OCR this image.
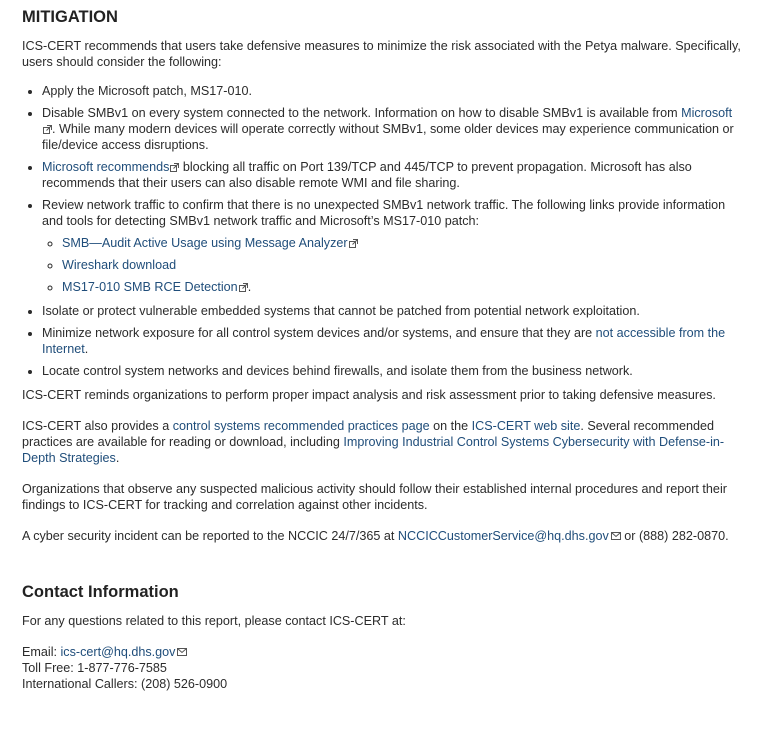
MITIGATION

ICS-CERT recommends that users take defensive measures to minimize the risk associated with the Petya malware. Specifically, users should consider the following:

• Apply the Microsoft patch, MS17-010.
• Disable SMBv1 on every system connected to the network. Information on how to disable SMBv1 is available from Microsoft
. While many modern devices will operate correctly without SMBv1, some older devices may experience communication or file/device access disruptions.
• Microsoft recommends
blocking all traffic on Port 139/TCP and 445/TCP to prevent propagation. Microsoft has also recommends that their users can also disable remote WMI and file sharing.
• Review network traffic to confirm that there is no unexpected SMBv1 network traffic. The following links provide information and tools for detecting SMBv1 network traffic and Microsoft’s MS17-010 patch:
◦ SMB—Audit Active Usage using Message Analyzer
◦ Wireshark download
◦ MS17-010 SMB RCE Detection .
• Isolate or protect vulnerable embedded systems that cannot be patched from potential network exploitation.
• Minimize network exposure for all control system devices and/or systems, and ensure that they are not accessible from the Internet.
• Locate control system networks and devices behind firewalls, and isolate them from the business network.

ICS-CERT reminds organizations to perform proper impact analysis and risk assessment prior to taking defensive measures.

ICS-CERT also provides a control systems recommended practices page on the ICS-CERT web site. Several recommended practices are available for reading or download, including Improving Industrial Control Systems Cybersecurity with Defense-in-Depth Strategies.

Organizations that observe any suspected malicious activity should follow their established internal procedures and report their findings to ICS-CERT for tracking and correlation against other incidents.

A cyber security incident can be reported to the NCCIC 24/7/365 at NCCICCustomerService@hq.dhs.gov
or (888) 282-0870.

Contact Information

For any questions related to this report, please contact ICS-CERT at:

Email: ics-cert@hq.dhs.gov
Toll Free: 1-877-776-7585
International Callers: (208) 526-0900
